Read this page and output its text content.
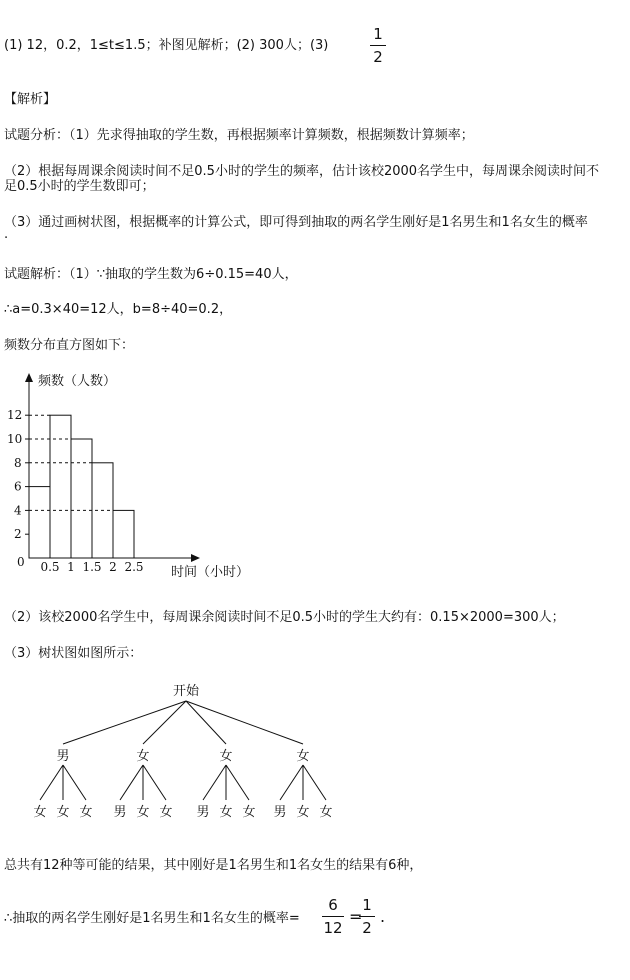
(1) 12，0.2，1≤t≤1.5；补图见解析；(2) 300人；(3)
1
2
【解析】
试题分析：（1）先求得抽取的学生数，再根据频率计算频数，根据频数计算频率；
（2）根据每周课余阅读时间不足0.5小时的学生的频率，估计该校2000名学生中，每周课余阅读时间不
足0.5小时的学生数即可；
（3）通过画树状图，根据概率的计算公式，即可得到抽取的两名学生刚好是1名男生和1名女生的概率
.
试题解析：（1）∵抽取的学生数为6÷0.15=40人，
∴a=0.3×40=12人，b=8÷40=0.2，
频数分布直方图如下：
0
2
4
6
8
10
12
0.5 1 1.5 2 2.5
频数（人数）
时间（小时）
（2）该校2000名学生中，每周课余阅读时间不足0.5小时的学生大约有：0.15×2000=300人；
（3）树状图如图所示：
开始
男
女 女 女
女
男 女 女
女
男 女 女
女
男 女 女
总共有12种等可能的结果，其中刚好是1名男生和1名女生的结果有6种，
∴抽取的两名学生刚好是1名男生和1名女生的概率=
6
12
=
1
2
.
